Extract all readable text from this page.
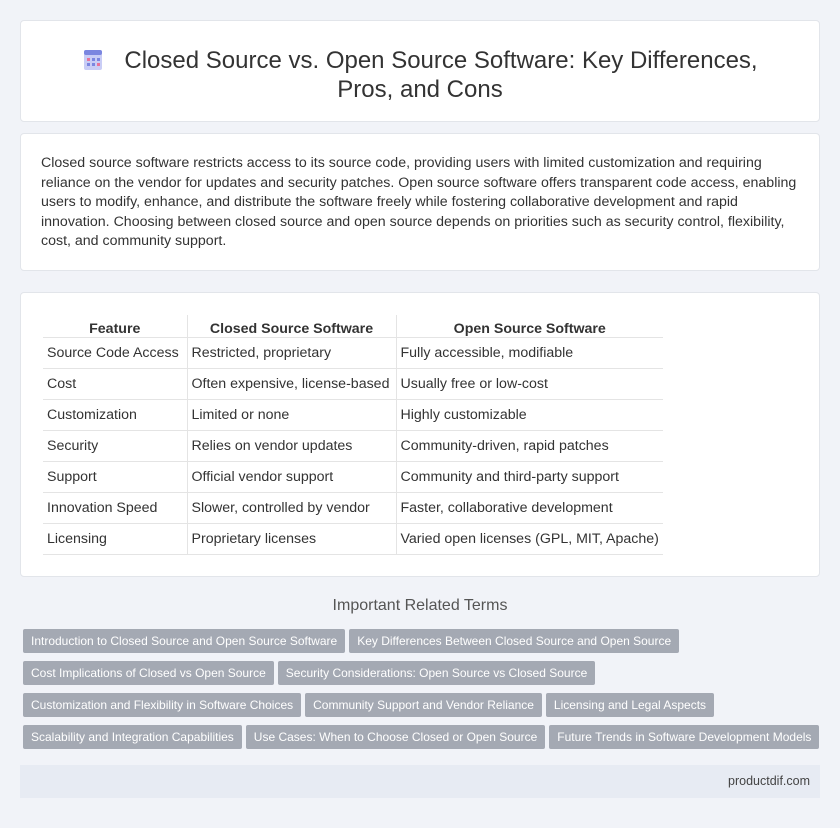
Closed Source vs. Open Source Software: Key Differences, Pros, and Cons

Closed source software restricts access to its source code, providing users with limited customization and requiring reliance on the vendor for updates and security patches. Open source software offers transparent code access, enabling users to modify, enhance, and distribute the software freely while fostering collaborative development and rapid innovation. Choosing between closed source and open source depends on priorities such as security control, flexibility, cost, and community support.

Feature	Closed Source Software	Open Source Software
Source Code Access	Restricted, proprietary	Fully accessible, modifiable
Cost	Often expensive, license-based	Usually free or low-cost
Customization	Limited or none	Highly customizable
Security	Relies on vendor updates	Community-driven, rapid patches
Support	Official vendor support	Community and third-party support
Innovation Speed	Slower, controlled by vendor	Faster, collaborative development
Licensing	Proprietary licenses	Varied open licenses (GPL, MIT, Apache)
Important Related Terms
Introduction to Closed Source and Open Source Software Key Differences Between Closed Source and Open Source
Cost Implications of Closed vs Open Source Security Considerations: Open Source vs Closed Source
Customization and Flexibility in Software Choices Community Support and Vendor Reliance Licensing and Legal Aspects
Scalability and Integration Capabilities Use Cases: When to Choose Closed or Open Source Future Trends in Software Development Models
productdif.com
